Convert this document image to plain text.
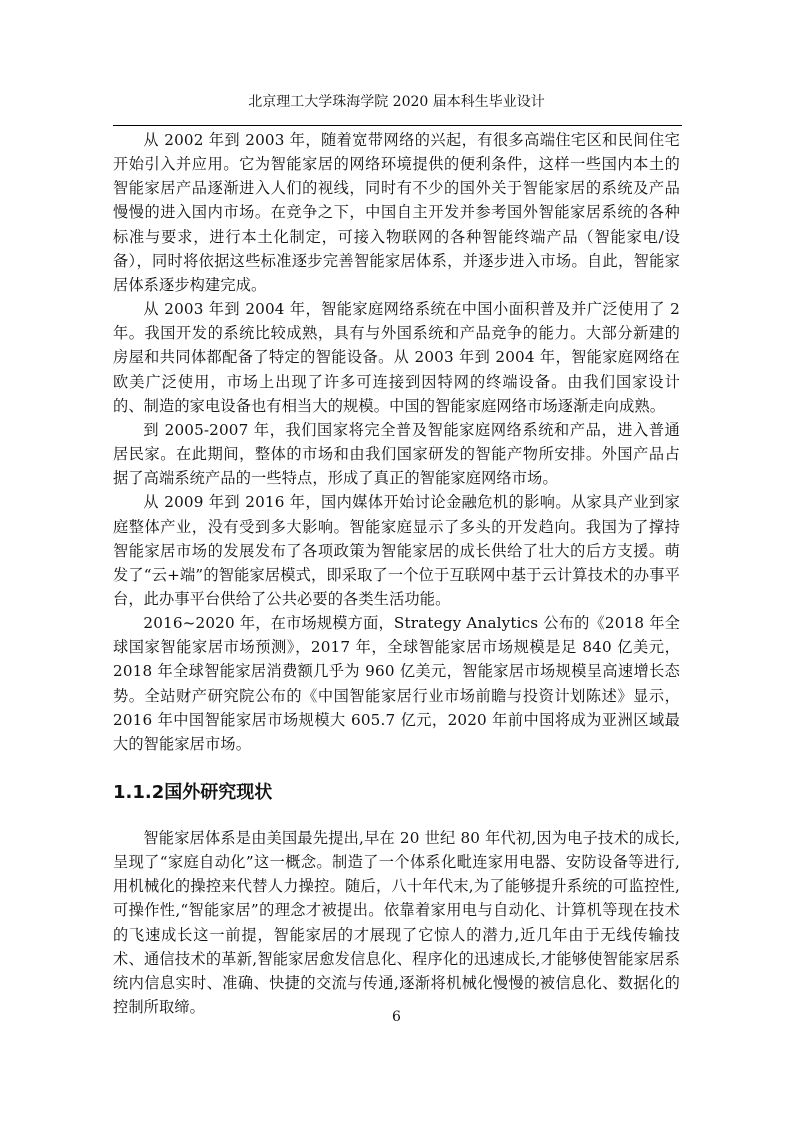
北京理工大学珠海学院 2020 届本科生毕业设计

从 2002 年到 2003 年，随着宽带网络的兴起，有很多高端住宅区和民间住宅开始引入并应用。它为智能家居的网络环境提供的便利条件，这样一些国内本土的智能家居产品逐渐进入人们的视线，同时有不少的国外关于智能家居的系统及产品慢慢的进入国内市场。在竞争之下，中国自主开发并参考国外智能家居系统的各种标准与要求，进行本土化制定，可接入物联网的各种智能终端产品（智能家电/设备），同时将依据这些标准逐步完善智能家居体系，并逐步进入市场。自此，智能家居体系逐步构建完成。

从 2003 年到 2004 年，智能家庭网络系统在中国小面积普及并广泛使用了 2 年。我国开发的系统比较成熟，具有与外国系统和产品竞争的能力。大部分新建的房屋和共同体都配备了特定的智能设备。从 2003 年到 2004 年，智能家庭网络在欧美广泛使用，市场上出现了许多可连接到因特网的终端设备。由我们国家设计的、制造的家电设备也有相当大的规模。中国的智能家庭网络市场逐渐走向成熟。

到 2005-2007 年，我们国家将完全普及智能家庭网络系统和产品，进入普通居民家。在此期间，整体的市场和由我们国家研发的智能产物所安排。外国产品占据了高端系统产品的一些特点，形成了真正的智能家庭网络市场。

从 2009 年到 2016 年，国内媒体开始讨论金融危机的影响。从家具产业到家庭整体产业，没有受到多大影响。智能家庭显示了多头的开发趋向。我国为了撑持智能家居市场的发展发布了各项政策为智能家居的成长供给了壮大的后方支援。萌发了“云+端”的智能家居模式，即采取了一个位于互联网中基于云计算技术的办事平台，此办事平台供给了公共必要的各类生活功能。

2016~2020 年，在市场规模方面，Strategy Analytics 公布的《2018 年全球国家智能家居市场预测》，2017 年，全球智能家居市场规模是足 840 亿美元，2018 年全球智能家居消费额几乎为 960 亿美元，智能家居市场规模呈高速增长态势。全站财产研究院公布的《中国智能家居行业市场前瞻与投资计划陈述》显示，2016 年中国智能家居市场规模大 605.7 亿元，2020 年前中国将成为亚洲区域最大的智能家居市场。

1.1.2国外研究现状

智能家居体系是由美国最先提出,早在 20 世纪 80 年代初,因为电子技术的成长,呈现了“家庭自动化”这一概念。制造了一个体系化毗连家用电器、安防设备等进行,用机械化的操控来代替人力操控。随后，八十年代末,为了能够提升系统的可监控性,可操作性,“智能家居”的理念才被提出。依靠着家用电与自动化、计算机等现在技术的飞速成长这一前提，智能家居的才展现了它惊人的潜力,近几年由于无线传输技术、通信技术的革新,智能家居愈发信息化、程序化的迅速成长,才能够使智能家居系统内信息实时、准确、快捷的交流与传通,逐渐将机械化慢慢的被信息化、数据化的控制所取缔。

6
